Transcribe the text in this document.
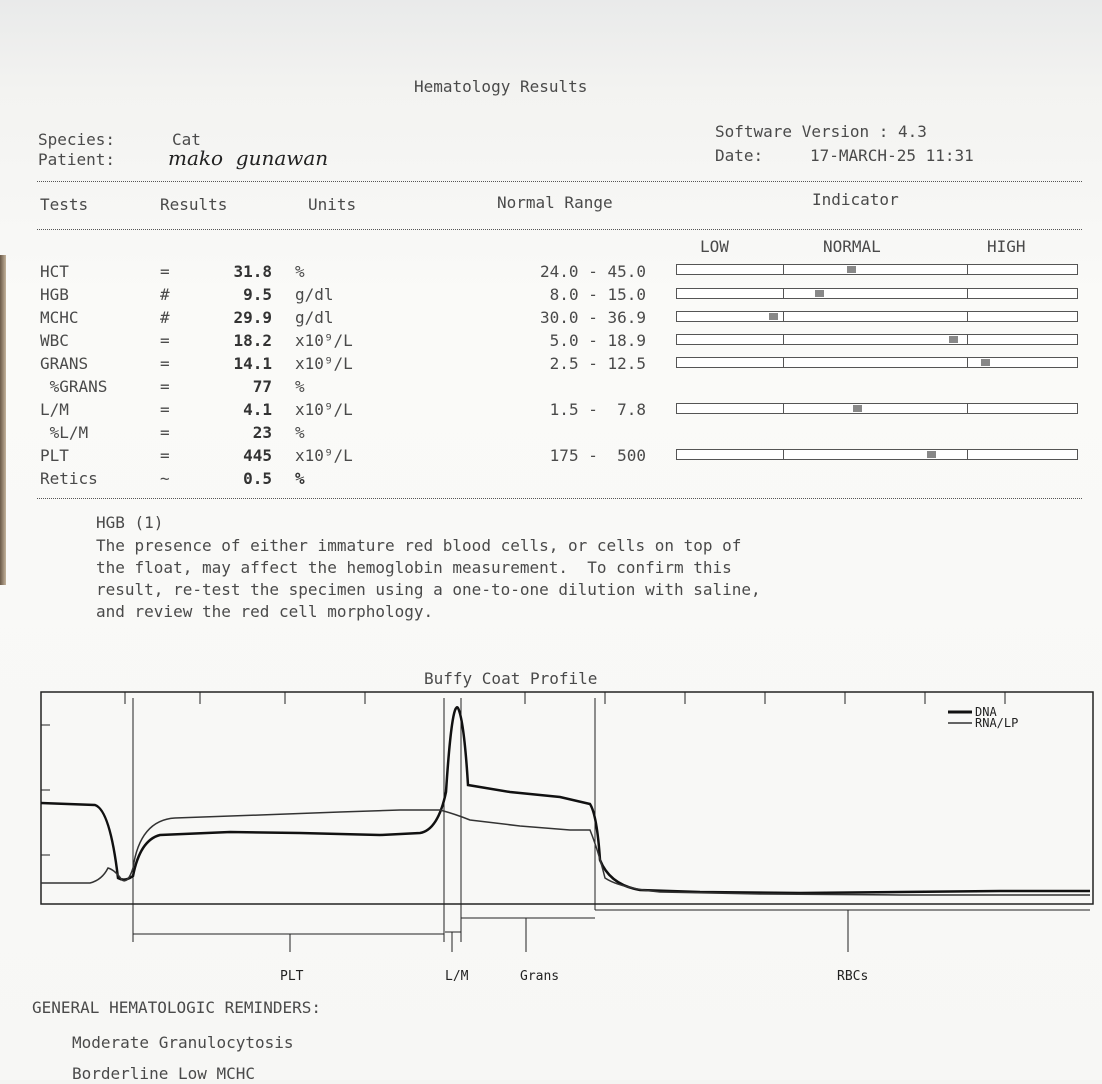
Hematology Results
Species:	Cat
Patient:	mako  gunawan
Software Version : 4.3
Date:	17-MARCH-25 11:31
Tests	Results	Units	Normal Range	Indicator
LOW	NORMAL	HIGH
HCT	=	31.8 %	24.0 - 45.0
HGB	#	9.5 g/dl	8.0 - 15.0
MCHC	#	29.9 g/dl	30.0 - 36.9
WBC	=	18.2 x10⁹/L	5.0 - 18.9
GRANS	=	14.1 x10⁹/L	2.5 - 12.5
%GRANS	=	77 %
L/M	=	4.1 x10⁹/L	1.5 -  7.8
%L/M	=	23 %
PLT	=	445 x10⁹/L	175 -  500
Retics	~	0.5 %
HGB (1)
The presence of either immature red blood cells, or cells on top of
the float, may affect the hemoglobin measurement.  To confirm this
result, re-test the specimen using a one-to-one dilution with saline,
and review the red cell morphology.
Buffy Coat Profile
DNA
RNA/LP
PLT	L/M	Grans	RBCs
GENERAL HEMATOLOGIC REMINDERS:
Moderate Granulocytosis
Borderline Low MCHC
